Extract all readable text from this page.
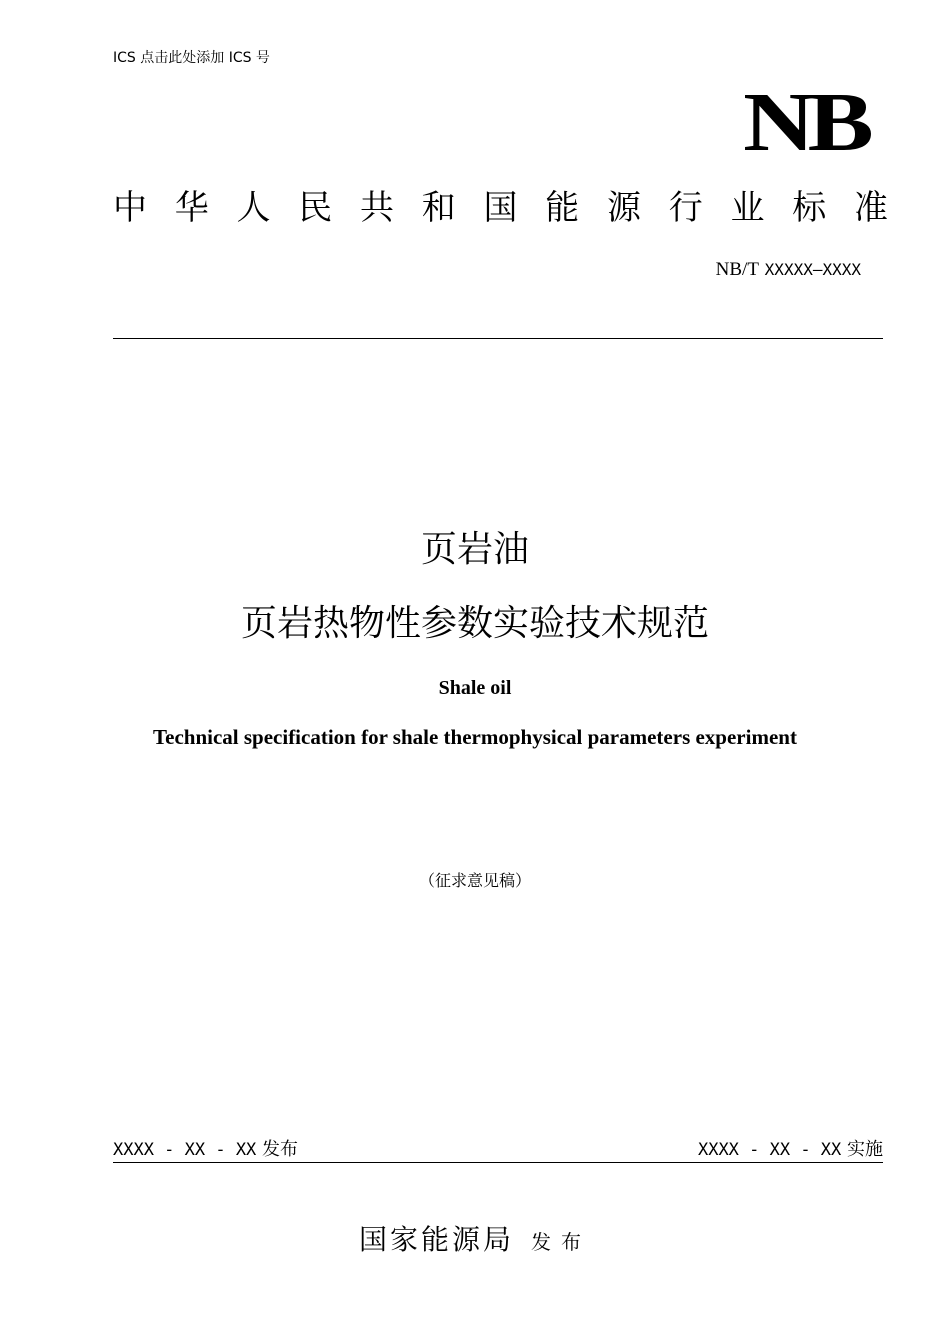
ICS 点击此处添加 ICS 号
NB
中 华 人 民 共 和 国 能 源 行 业 标 准
NB/T XXXXX—XXXX
页岩油
页岩热物性参数实验技术规范
Shale oil
Technical specification for shale thermophysical parameters experiment
（征求意见稿）
XXXX - XX - XX 发布	XXXX - XX - XX 实施
国家能源局 发布
